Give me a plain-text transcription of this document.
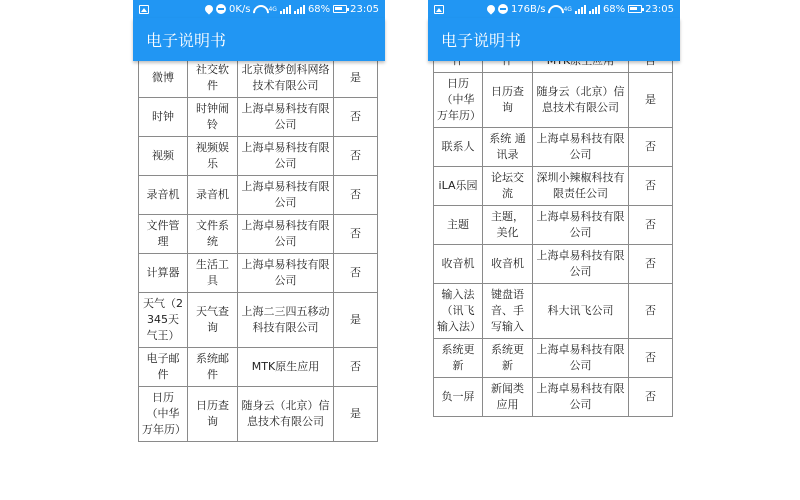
0K/s	4G	68% 23:05
电子说明书
微博	社交软件	北京微梦创科网络技术有限公司	是
时钟	时钟闹铃	上海卓易科技有限公司	否
视频	视频娱乐	上海卓易科技有限公司	否
录音机	录音机	上海卓易科技有限公司	否
文件管理	文件系统	上海卓易科技有限公司	否
计算器	生活工具	上海卓易科技有限公司	否
天气（2345天气王）	天气查询	上海二三四五移动科技有限公司	是
电子邮件	系统邮件	MTK原生应用	否
日历（中华万年历）	日历查询	随身云（北京）信息技术有限公司	是
176B/s	4G	68% 23:05
电子说明书

日历（中华万年历）	日历查询	随身云（北京）信息技术有限公司	是
联系人	系统 通讯录	上海卓易科技有限公司	否
iLA乐园	论坛交流	深圳小辣椒科技有限责任公司	否
主题	主题，美化	上海卓易科技有限公司	否
收音机	收音机	上海卓易科技有限公司	否
输入法（讯飞输入法）	键盘语音、手写输入	科大讯飞公司	否
系统更新	系统更新	上海卓易科技有限公司	否
负一屏	新闻类应用	上海卓易科技有限公司	否
